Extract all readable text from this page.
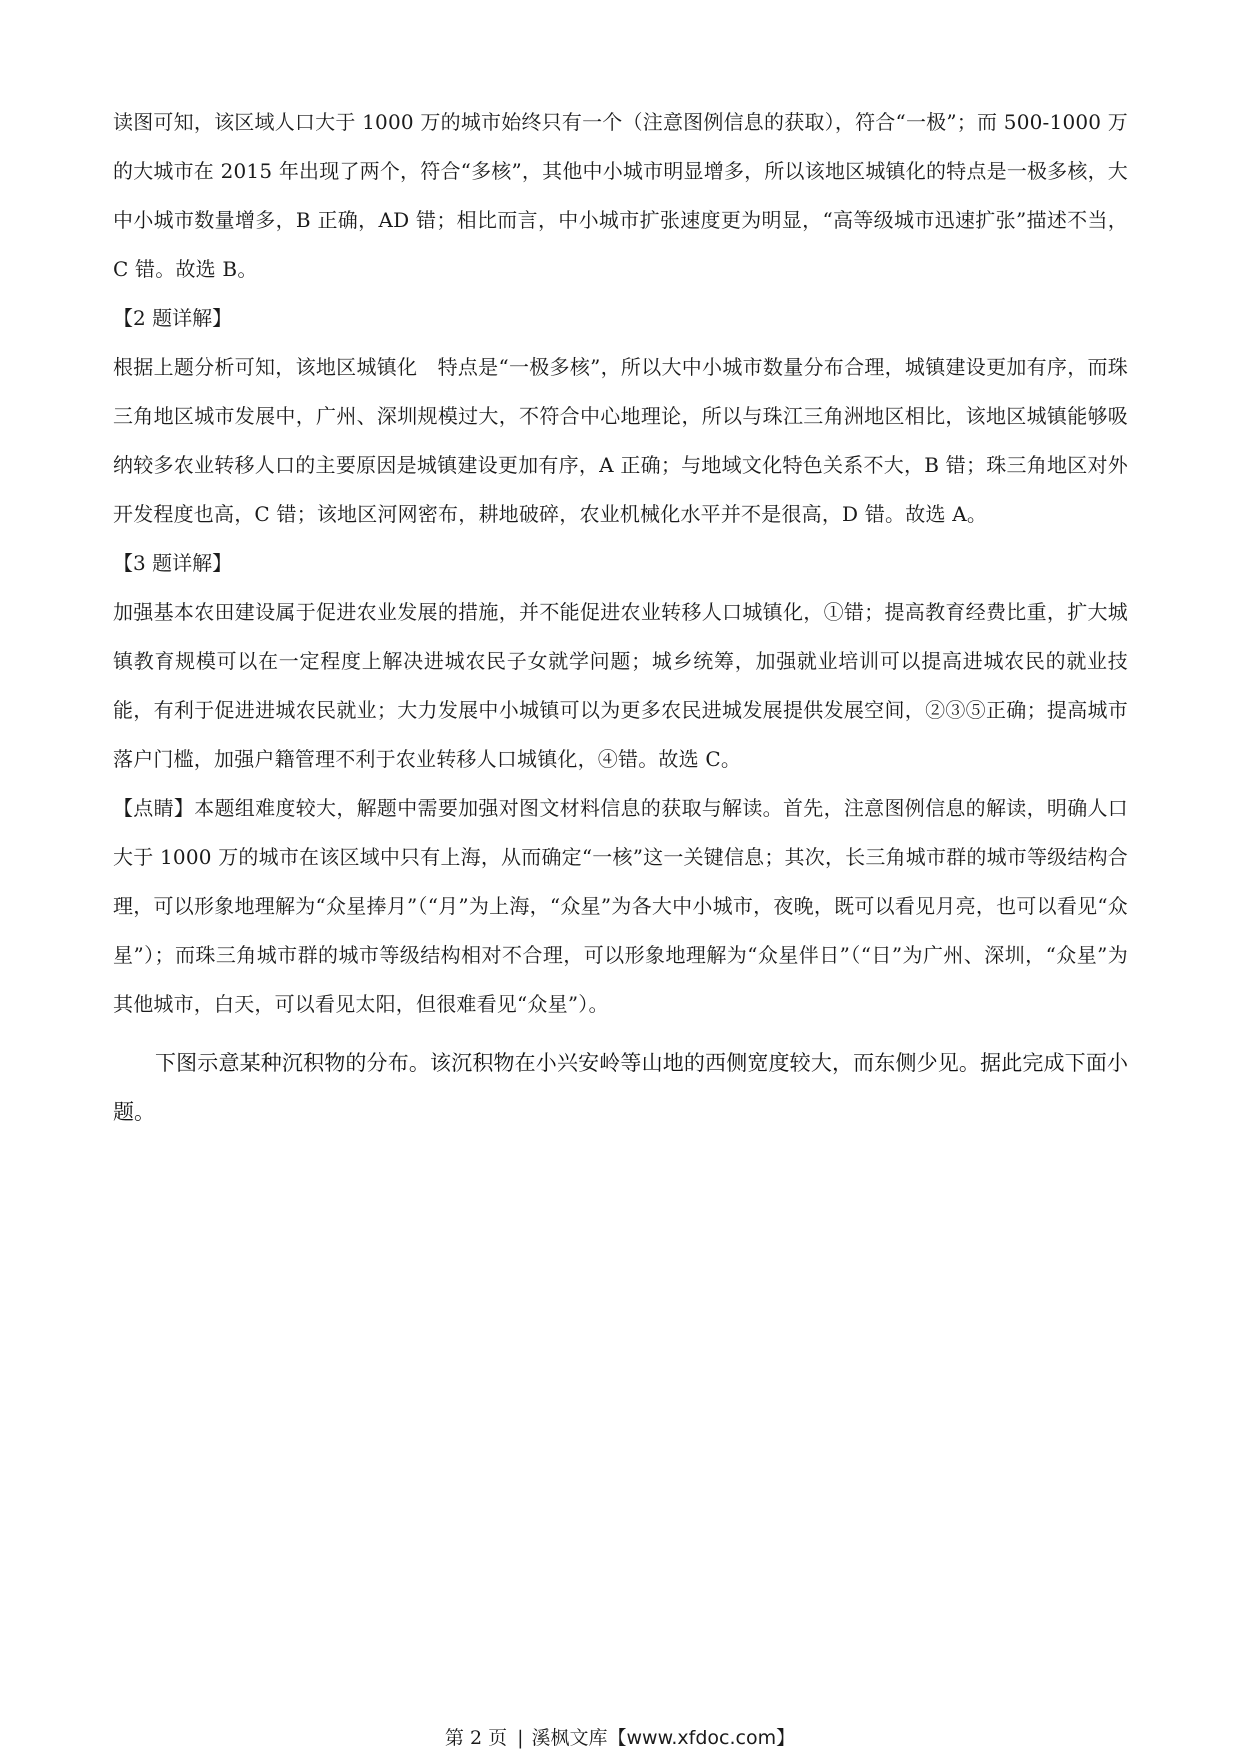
读图可知，该区域人口大于 1000 万的城市始终只有一个（注意图例信息的获取），符合“一极”；而 500-1000 万的大城市在 2015 年出现了两个，符合“多核”，其他中小城市明显增多，所以该地区城镇化的特点是一极多核，大中小城市数量增多，B 正确，AD 错；相比而言，中小城市扩张速度更为明显，“高等级城市迅速扩张”描述不当，C 错。故选 B。

【2 题详解】

根据上题分析可知，该地区城镇化　特点是“一极多核”，所以大中小城市数量分布合理，城镇建设更加有序，而珠三角地区城市发展中，广州、深圳规模过大，不符合中心地理论，所以与珠江三角洲地区相比，该地区城镇能够吸纳较多农业转移人口的主要原因是城镇建设更加有序，A 正确；与地域文化特色关系不大，B 错；珠三角地区对外开发程度也高，C 错；该地区河网密布，耕地破碎，农业机械化水平并不是很高，D 错。故选 A。

【3 题详解】

加强基本农田建设属于促进农业发展的措施，并不能促进农业转移人口城镇化，①错；提高教育经费比重，扩大城镇教育规模可以在一定程度上解决进城农民子女就学问题；城乡统筹，加强就业培训可以提高进城农民的就业技能，有利于促进进城农民就业；大力发展中小城镇可以为更多农民进城发展提供发展空间，②③⑤正确；提高城市落户门槛，加强户籍管理不利于农业转移人口城镇化，④错。故选 C。

【点睛】本题组难度较大，解题中需要加强对图文材料信息的获取与解读。首先，注意图例信息的解读，明确人口大于 1000 万的城市在该区域中只有上海，从而确定“一核”这一关键信息；其次，长三角城市群的城市等级结构合理，可以形象地理解为“众星捧月”（“月”为上海，“众星”为各大中小城市，夜晚，既可以看见月亮，也可以看见“众星”）；而珠三角城市群的城市等级结构相对不合理，可以形象地理解为“众星伴日”（“日”为广州、深圳，“众星”为其他城市，白天，可以看见太阳，但很难看见“众星”）。

下图示意某种沉积物的分布。该沉积物在小兴安岭等山地的西侧宽度较大，而东侧少见。据此完成下面小题。

第 2 页 | 溪枫文库【www.xfdoc.com】
